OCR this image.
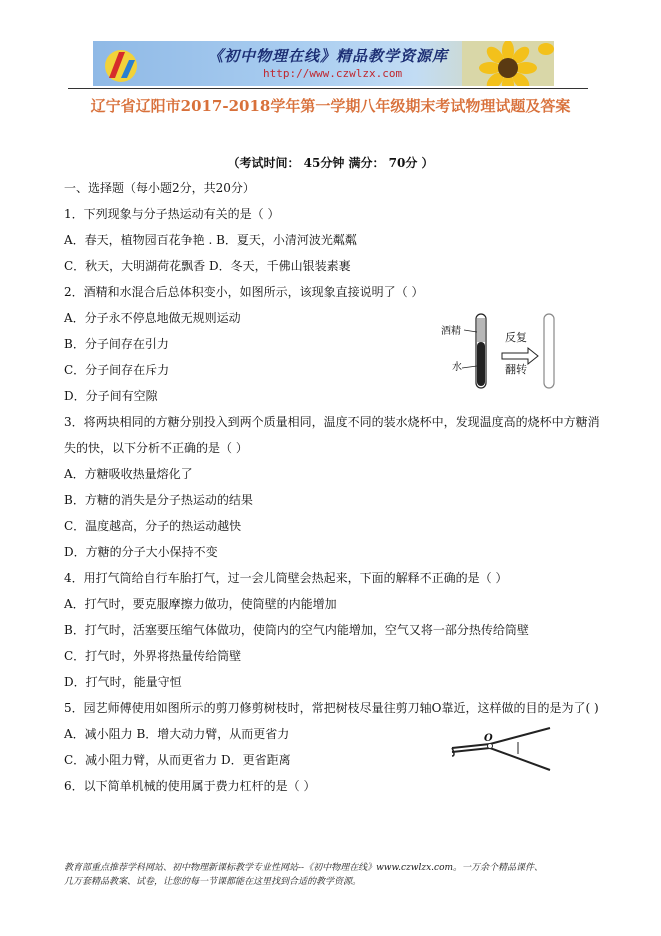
《初中物理在线》精品教学资源库
http://www.czwlzx.com
辽宁省辽阳市2017-2018学年第一学期八年级期末考试物理试题及答案
（考试时间： 45分钟 满分： 70分 ）
一、选择题（每小题2分，共20分）
1．下列现象与分子热运动有关的是（ ）
A．春天，植物园百花争艳 . B．夏天，小清河波光粼粼
C．秋天，大明湖荷花飘香 D．冬天，千佛山银装素裹
2．酒精和水混合后总体积变小，如图所示，该现象直接说明了（ ）
A．分子永不停息地做无规则运动
B．分子间存在引力
C．分子间存在斥力
D．分子间有空隙
3．将两块相同的方糖分别投入到两个质量相同，温度不同的装水烧杯中，发现温度高的烧杯中方糖消
失的快，以下分析不正确的是（ ）
A．方糖吸收热量熔化了
B．方糖的消失是分子热运动的结果
C．温度越高，分子的热运动越快
D．方糖的分子大小保持不变
4．用打气筒给自行车胎打气，过一会儿筒壁会热起来，下面的解释不正确的是（ ）
A．打气时，要克服摩擦力做功，使筒壁的内能增加
B．打气时，活塞要压缩气体做功，使筒内的空气内能增加，空气又将一部分热传给筒壁
C．打气时，外界将热量传给筒壁
D．打气时，能量守恒
5．园艺师傅使用如图所示的剪刀修剪树枝时，常把树枝尽量往剪刀轴O靠近，这样做的目的是为了( )
A．减小阻力 B．增大动力臂，从而更省力
C．减小阻力臂，从而更省力 D．更省距离
6．以下简单机械的使用属于费力杠杆的是（ ）
酒精
水
反复
翻转
O
教育部重点推荐学科网站、初中物理新课标教学专业性网站--《初中物理在线》www.czwlzx.com。一万余个精品课件、
几万套精品教案、试卷，让您的每一节课都能在这里找到合适的教学资源。
